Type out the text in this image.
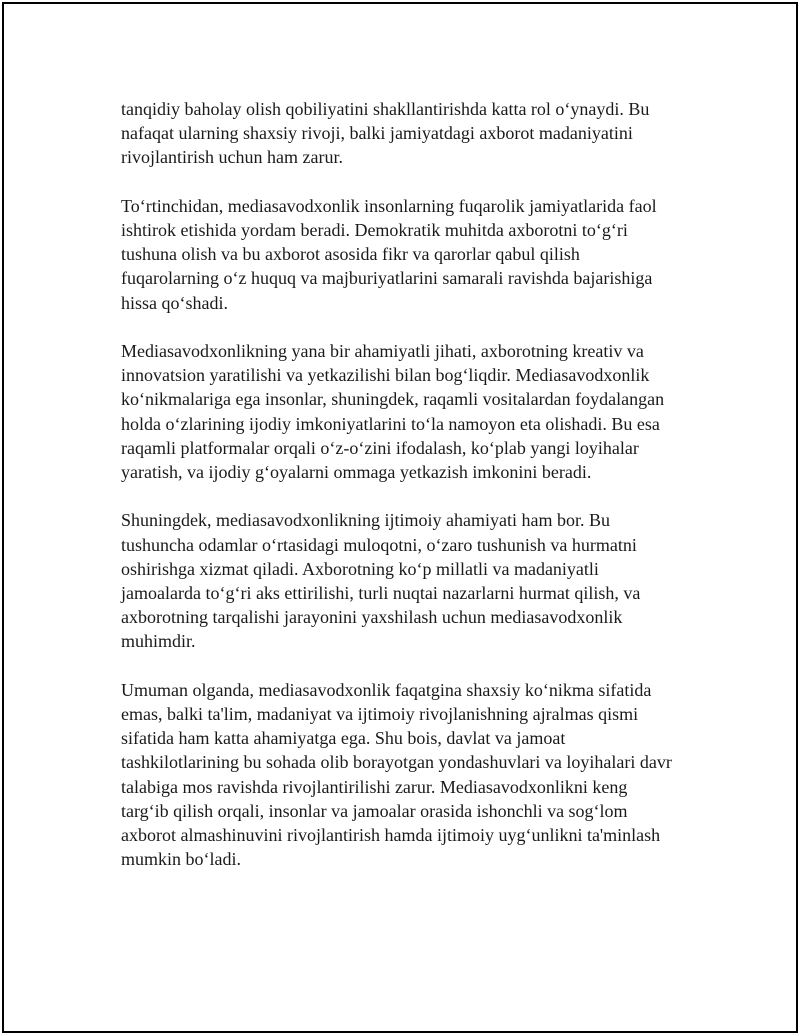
tanqidiy baholay olish qobiliyatini shakllantirishda katta rol o‘ynaydi. Bu
nafaqat ularning shaxsiy rivoji, balki jamiyatdagi axborot madaniyatini
rivojlantirish uchun ham zarur.

To‘rtinchidan, mediasavodxonlik insonlarning fuqarolik jamiyatlarida faol
ishtirok etishida yordam beradi. Demokratik muhitda axborotni to‘g‘ri
tushuna olish va bu axborot asosida fikr va qarorlar qabul qilish
fuqarolarning o‘z huquq va majburiyatlarini samarali ravishda bajarishiga
hissa qo‘shadi.

Mediasavodxonlikning yana bir ahamiyatli jihati, axborotning kreativ va
innovatsion yaratilishi va yetkazilishi bilan bog‘liqdir. Mediasavodxonlik
ko‘nikmalariga ega insonlar, shuningdek, raqamli vositalardan foydalangan
holda o‘zlarining ijodiy imkoniyatlarini to‘la namoyon eta olishadi. Bu esa
raqamli platformalar orqali o‘z-o‘zini ifodalash, ko‘plab yangi loyihalar
yaratish, va ijodiy g‘oyalarni ommaga yetkazish imkonini beradi.

Shuningdek, mediasavodxonlikning ijtimoiy ahamiyati ham bor. Bu
tushuncha odamlar o‘rtasidagi muloqotni, o‘zaro tushunish va hurmatni
oshirishga xizmat qiladi. Axborotning ko‘p millatli va madaniyatli
jamoalarda to‘g‘ri aks ettirilishi, turli nuqtai nazarlarni hurmat qilish, va
axborotning tarqalishi jarayonini yaxshilash uchun mediasavodxonlik
muhimdir.

Umuman olganda, mediasavodxonlik faqatgina shaxsiy ko‘nikma sifatida
emas, balki ta'lim, madaniyat va ijtimoiy rivojlanishning ajralmas qismi
sifatida ham katta ahamiyatga ega. Shu bois, davlat va jamoat
tashkilotlarining bu sohada olib borayotgan yondashuvlari va loyihalari davr
talabiga mos ravishda rivojlantirilishi zarur. Mediasavodxonlikni keng
targ‘ib qilish orqali, insonlar va jamoalar orasida ishonchli va sog‘lom
axborot almashinuvini rivojlantirish hamda ijtimoiy uyg‘unlikni ta'minlash
mumkin bo‘ladi.
